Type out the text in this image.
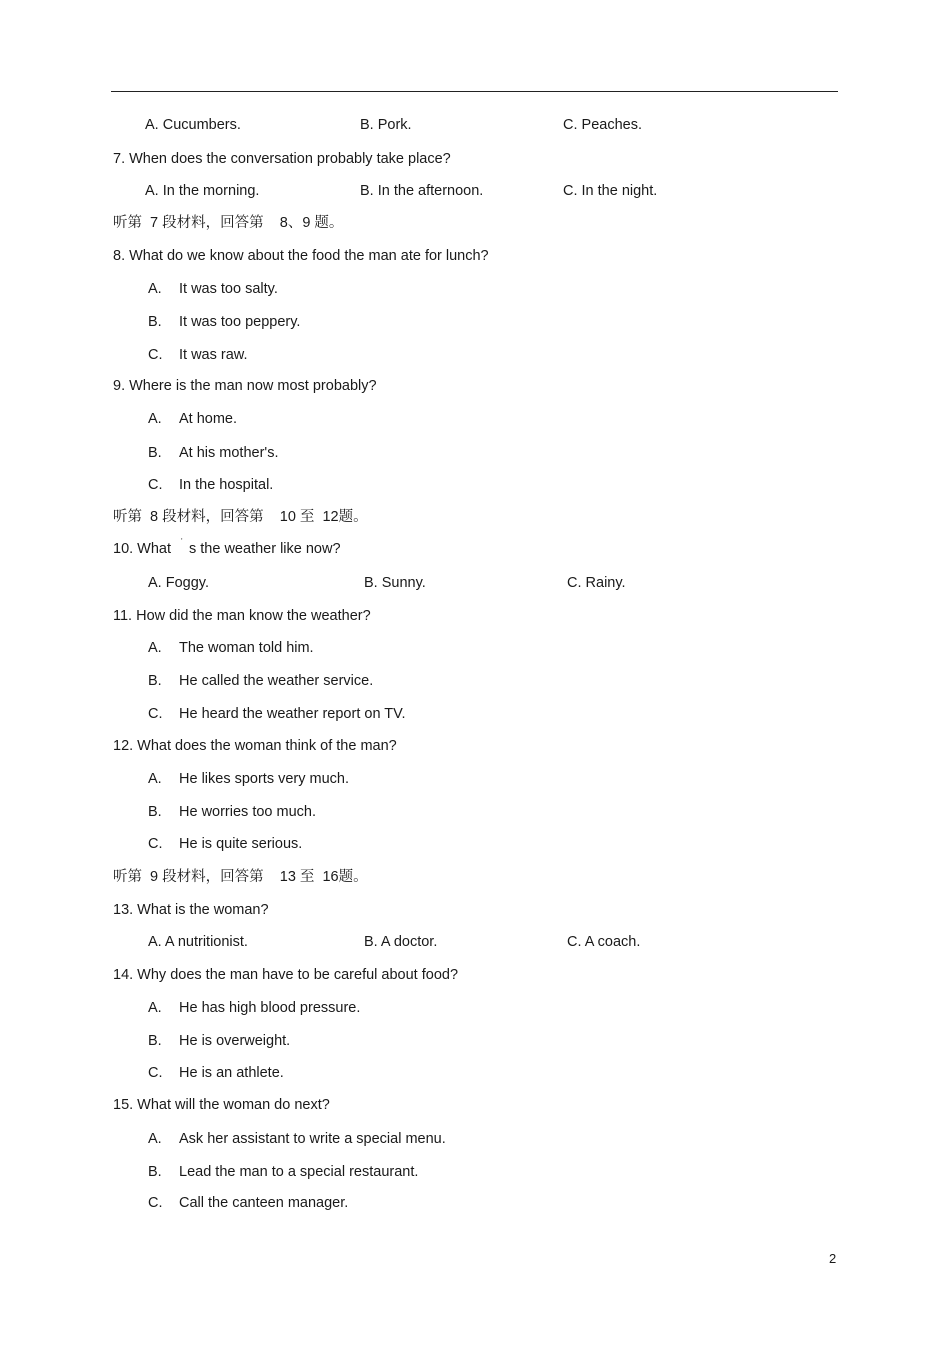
A. Cucumbers.	B. Pork.	C. Peaches.
7. When does the conversation probably take place?
A. In the morning.	B. In the afternoon.	C. In the night.
听第  7 段材料，回答第    8、9 题。
8. What do we know about the food the man ate for lunch?
A. It was too salty.
B. It was too peppery.
C. It was raw.
9. Where is the man now most probably?
A. At home.
B. At his mother's.
C. In the hospital.
听第  8 段材料，回答第    10 至  12题。
10. What ' s the weather like now?
A. Foggy.	B. Sunny.	C. Rainy.
11. How did the man know the weather?
A. The woman told him.
B. He called the weather service.
C. He heard the weather report on TV.
12. What does the woman think of the man?
A. He likes sports very much.
B. He worries too much.
C. He is quite serious.
听第  9 段材料，回答第    13 至  16题。
13. What is the woman?
A. A nutritionist.	B. A doctor.	C. A coach.
14. Why does the man have to be careful about food?
A. He has high blood pressure.
B. He is overweight.
C. He is an athlete.
15. What will the woman do next?
A. Ask her assistant to write a special menu.
B. Lead the man to a special restaurant.
C. Call the canteen manager.
2
